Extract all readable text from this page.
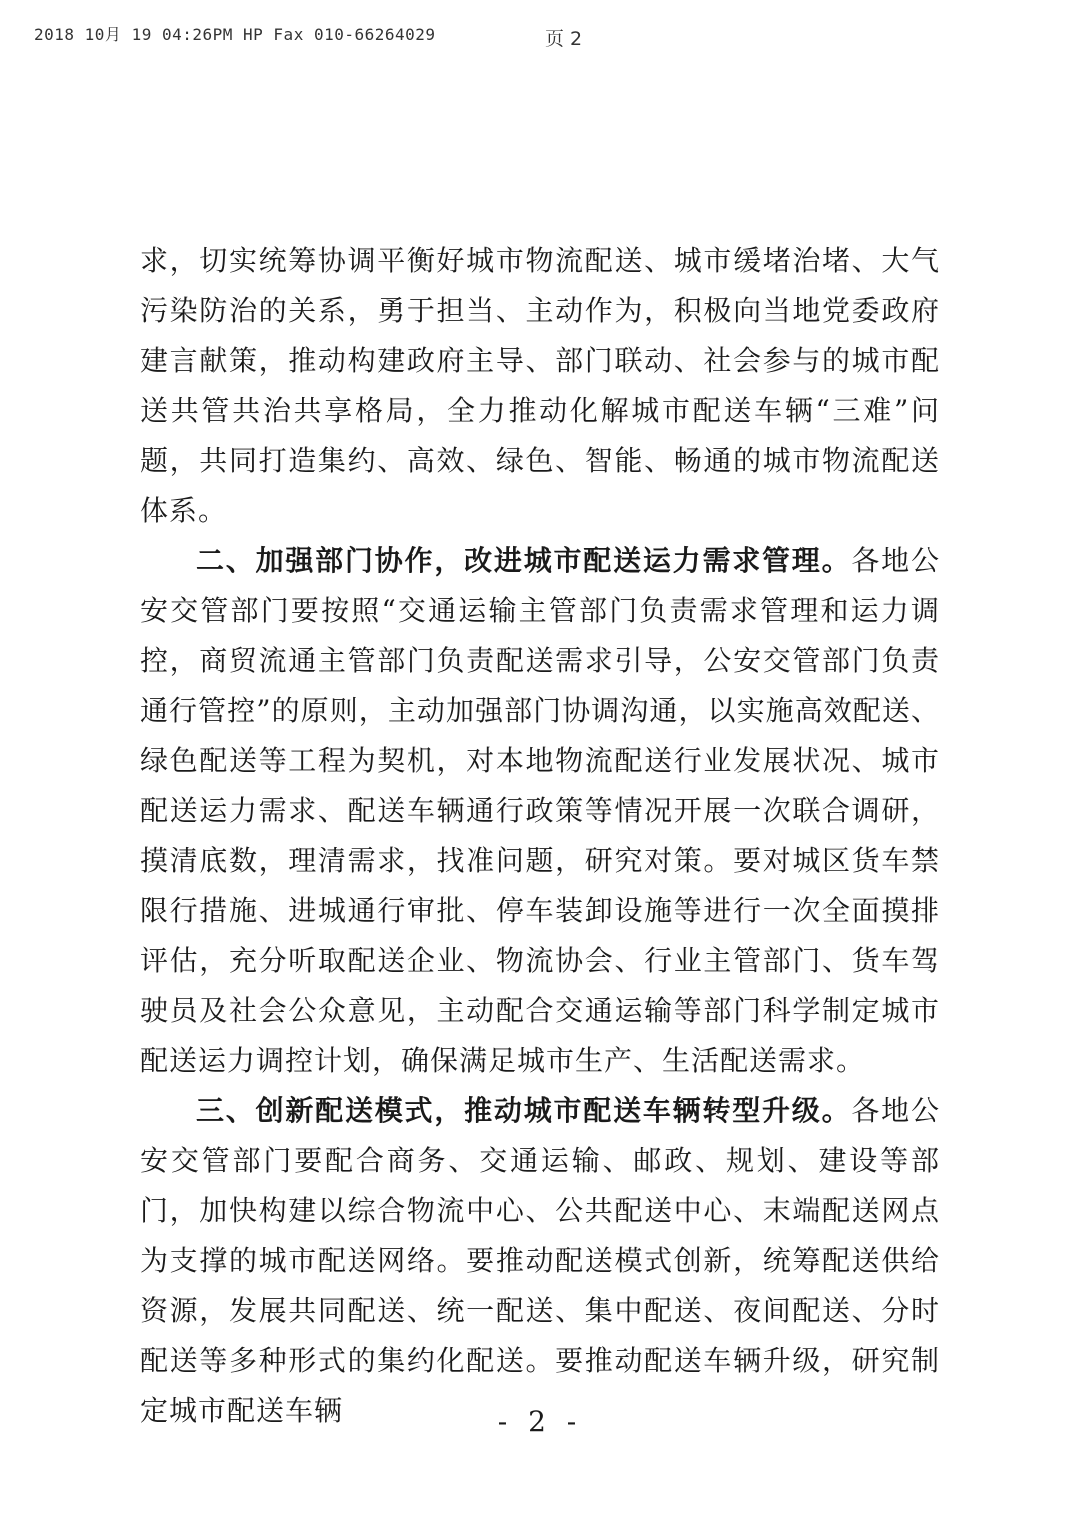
2018 10月 19 04:26PM HP Fax 010-66264029	页 2

求，切实统筹协调平衡好城市物流配送、城市缓堵治堵、大气污染防治的关系，勇于担当、主动作为，积极向当地党委政府建言献策，推动构建政府主导、部门联动、社会参与的城市配送共管共治共享格局，全力推动化解城市配送车辆“三难”问题，共同打造集约、高效、绿色、智能、畅通的城市物流配送体系。

二、加强部门协作，改进城市配送运力需求管理。各地公安交管部门要按照“交通运输主管部门负责需求管理和运力调控，商贸流通主管部门负责配送需求引导，公安交管部门负责通行管控”的原则，主动加强部门协调沟通，以实施高效配送、绿色配送等工程为契机，对本地物流配送行业发展状况、城市配送运力需求、配送车辆通行政策等情况开展一次联合调研，摸清底数，理清需求，找准问题，研究对策。要对城区货车禁限行措施、进城通行审批、停车装卸设施等进行一次全面摸排评估，充分听取配送企业、物流协会、行业主管部门、货车驾驶员及社会公众意见，主动配合交通运输等部门科学制定城市配送运力调控计划，确保满足城市生产、生活配送需求。

三、创新配送模式，推动城市配送车辆转型升级。各地公安交管部门要配合商务、交通运输、邮政、规划、建设等部门，加快构建以综合物流中心、公共配送中心、末端配送网点为支撑的城市配送网络。要推动配送模式创新，统筹配送供给资源，发展共同配送、统一配送、集中配送、夜间配送、分时配送等多种形式的集约化配送。要推动配送车辆升级，研究制定城市配送车辆	- 2 -
